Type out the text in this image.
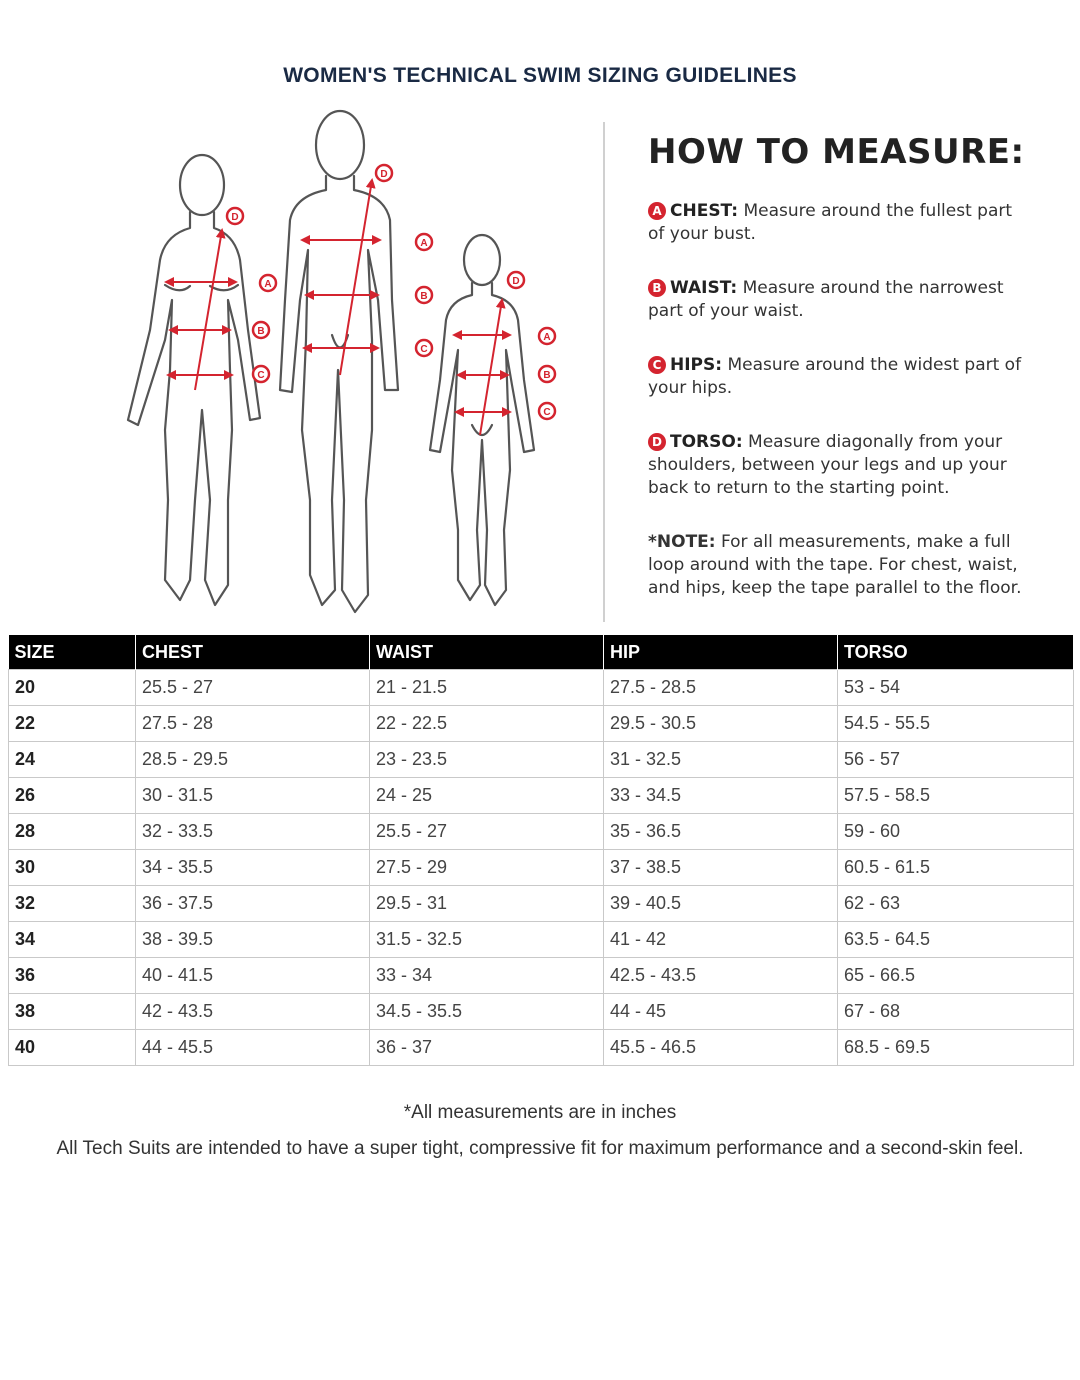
WOMEN'S TECHNICAL SWIM SIZING GUIDELINES
D
A
B
C
D
A
B
C
D
A
B
C
HOW TO MEASURE:
A CHEST: Measure around the fullest part of your bust.
B WAIST: Measure around the narrowest part of your waist.
C HIPS: Measure around the widest part of your hips.
D TORSO: Measure diagonally from your shoulders, between your legs and up your back to return to the starting point.
*NOTE: For all measurements, make a full loop around with the tape. For chest, waist, and hips, keep the tape parallel to the floor.
SIZE	CHEST	WAIST	HIP	TORSO
20	25.5 - 27	21 - 21.5	27.5 - 28.5	53 - 54
22	27.5 - 28	22 - 22.5	29.5 - 30.5	54.5 - 55.5
24	28.5 - 29.5	23 - 23.5	31 - 32.5	56 - 57
26	30 - 31.5	24 - 25	33 - 34.5	57.5 - 58.5
28	32 - 33.5	25.5 - 27	35 - 36.5	59 - 60
30	34 - 35.5	27.5 - 29	37 - 38.5	60.5 - 61.5
32	36 - 37.5	29.5 - 31	39 - 40.5	62 - 63
34	38 - 39.5	31.5 - 32.5	41 - 42	63.5 - 64.5
36	40 - 41.5	33 - 34	42.5 - 43.5	65 - 66.5
38	42 - 43.5	34.5 - 35.5	44 - 45	67 - 68
40	44 - 45.5	36 - 37	45.5 - 46.5	68.5 - 69.5
*All measurements are in inches
All Tech Suits are intended to have a super tight, compressive fit for maximum performance and a second-skin feel.
